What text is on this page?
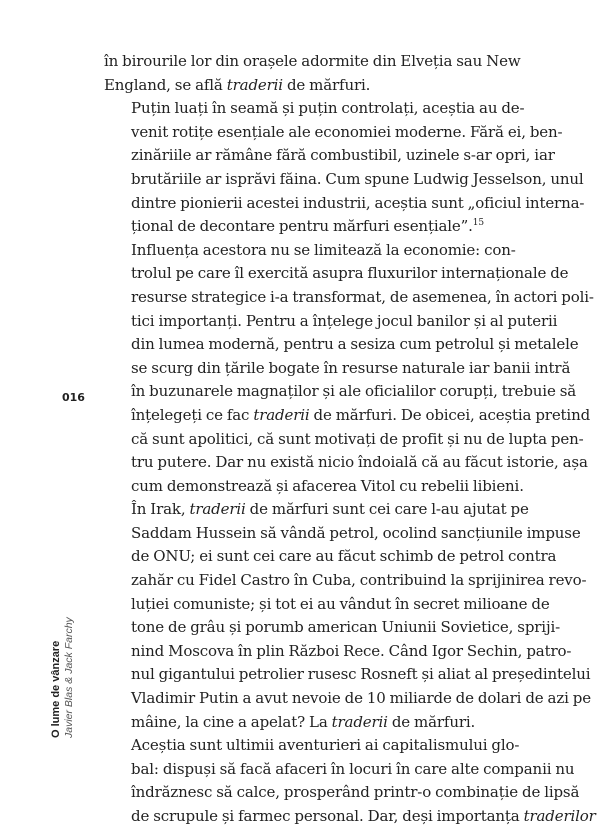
în birourile lor din orașele adormite din Elveția sau New
England, se află traderii de mărfuri.

Puțin luați în seamă și puțin controlați, aceștia au de-
venit rotițe esențiale ale economiei moderne. Fără ei, ben-
zinăriile ar rămâne fără combustibil, uzinele s-ar opri, iar
brutăriile ar isprăvi făina. Cum spune Ludwig Jesselson, unul
dintre pionierii acestei industrii, aceștia sunt „oficiul interna-
țional de decontare pentru mărfuri esențiale”.$^{15}$

Influența acestora nu se limitează la economie: con-
trolul pe care îl exercită asupra fluxurilor internaționale de
resurse strategice i-a transformat, de asemenea, în actori poli-
tici importanți. Pentru a înțelege jocul banilor și al puterii
din lumea modernă, pentru a sesiza cum petrolul și metalele
se scurg din țările bogate în resurse naturale iar banii intră
în buzunarele magnaților și ale oficialilor corupți, trebuie să
înțelegeți ce fac traderii de mărfuri. De obicei, aceștia pretind
că sunt apolitici, că sunt motivați de profit și nu de lupta pen-
tru putere. Dar nu există nicio îndoială că au făcut istorie, așa
cum demonstrează și afacerea Vitol cu rebelii libieni.

În Irak, traderii de mărfuri sunt cei care l-au ajutat pe
Saddam Hussein să vândă petrol, ocolind sancțiunile impuse
de ONU; ei sunt cei care au făcut schimb de petrol contra
zahăr cu Fidel Castro în Cuba, contribuind la sprijinirea revo-
luției comuniste; și tot ei au vândut în secret milioane de
tone de grâu și porumb american Uniunii Sovietice, spriji-
nind Moscova în plin Război Rece. Când Igor Sechin, patro-
nul gigantului petrolier rusesc Rosneft și aliat al președintelui
Vladimir Putin a avut nevoie de 10 miliarde de dolari de azi pe
mâine, la cine a apelat? La traderii de mărfuri.

Aceștia sunt ultimii aventurieri ai capitalismului glo-
bal: dispuși să facă afaceri în locuri în care alte companii nu
îndrăznesc să calce, prosperând printr-o combinație de lipsă
de scrupule și farmec personal. Dar, deși importanța traderilor

016
O lume de vânzare Javier Blas & Jack Farchy
